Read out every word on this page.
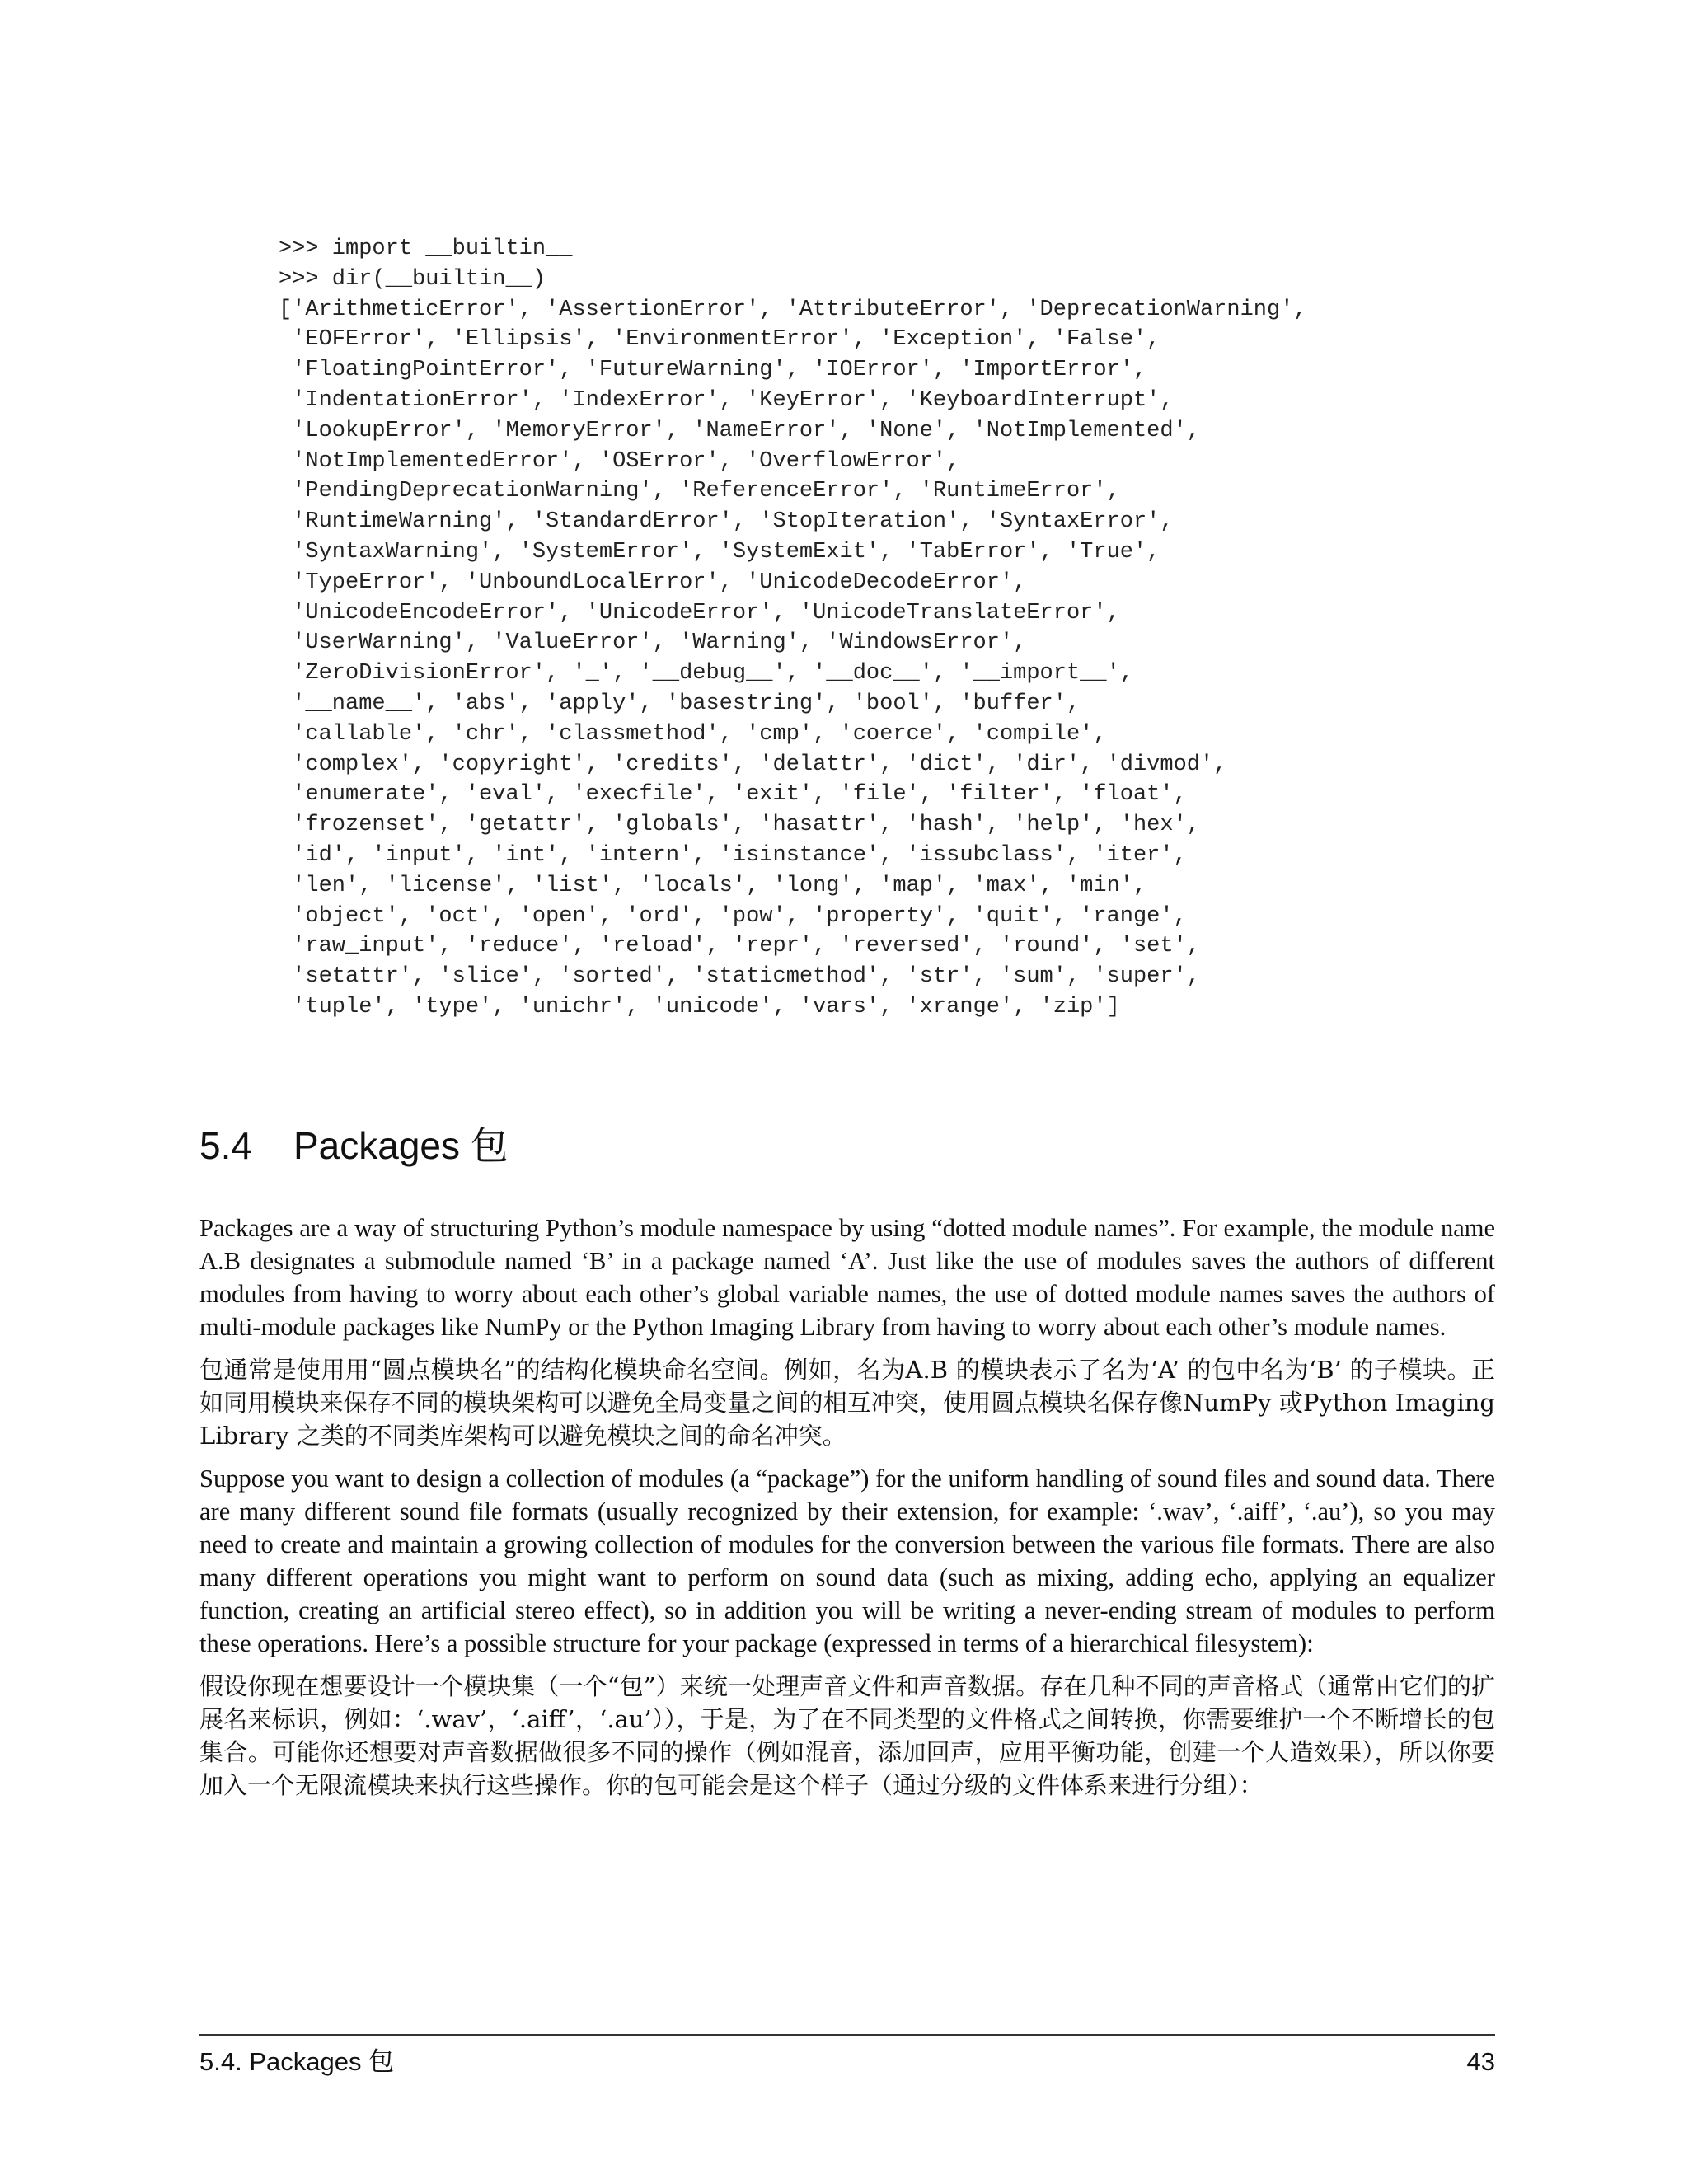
>>> import __builtin__
>>> dir(__builtin__)
['ArithmeticError', 'AssertionError', 'AttributeError', 'DeprecationWarning',
'EOFError', 'Ellipsis', 'EnvironmentError', 'Exception', 'False',
'FloatingPointError', 'FutureWarning', 'IOError', 'ImportError',
'IndentationError', 'IndexError', 'KeyError', 'KeyboardInterrupt',
'LookupError', 'MemoryError', 'NameError', 'None', 'NotImplemented',
'NotImplementedError', 'OSError', 'OverflowError',
'PendingDeprecationWarning', 'ReferenceError', 'RuntimeError',
'RuntimeWarning', 'StandardError', 'StopIteration', 'SyntaxError',
'SyntaxWarning', 'SystemError', 'SystemExit', 'TabError', 'True',
'TypeError', 'UnboundLocalError', 'UnicodeDecodeError',
'UnicodeEncodeError', 'UnicodeError', 'UnicodeTranslateError',
'UserWarning', 'ValueError', 'Warning', 'WindowsError',
'ZeroDivisionError', '_', '__debug__', '__doc__', '__import__',
'__name__', 'abs', 'apply', 'basestring', 'bool', 'buffer',
'callable', 'chr', 'classmethod', 'cmp', 'coerce', 'compile',
'complex', 'copyright', 'credits', 'delattr', 'dict', 'dir', 'divmod',
'enumerate', 'eval', 'execfile', 'exit', 'file', 'filter', 'float',
'frozenset', 'getattr', 'globals', 'hasattr', 'hash', 'help', 'hex',
'id', 'input', 'int', 'intern', 'isinstance', 'issubclass', 'iter',
'len', 'license', 'list', 'locals', 'long', 'map', 'max', 'min',
'object', 'oct', 'open', 'ord', 'pow', 'property', 'quit', 'range',
'raw_input', 'reduce', 'reload', 'repr', 'reversed', 'round', 'set',
'setattr', 'slice', 'sorted', 'staticmethod', 'str', 'sum', 'super',
'tuple', 'type', 'unichr', 'unicode', 'vars', 'xrange', 'zip']
5.4 Packages 包

Packages are a way of structuring Python’s module namespace by using “dotted module names”. For example, the module name A.B designates a submodule named ‘B’ in a package named ‘A’. Just like the use of modules saves the authors of different modules from having to worry about each other’s global variable names, the use of dotted module names saves the authors of multi-module packages like NumPy or the Python Imaging Library from having to worry about each other’s module names.

包通常是使用用“圆点模块名”的结构化模块命名空间。例如，名为A.B 的模块表示了名为‘A’ 的包中名为‘B’ 的子模块。正如同用模块来保存不同的模块架构可以避免全局变量之间的相互冲突，使用圆点模块名保存像NumPy 或Python Imaging Library 之类的不同类库架构可以避免模块之间的命名冲突。

Suppose you want to design a collection of modules (a “package”) for the uniform handling of sound files and sound data. There are many different sound file formats (usually recognized by their extension, for example: ‘.wav’, ‘.aiff’, ‘.au’), so you may need to create and maintain a growing collection of modules for the conversion between the various file formats. There are also many different operations you might want to perform on sound data (such as mixing, adding echo, applying an equalizer function, creating an artificial stereo effect), so in addition you will be writing a never-ending stream of modules to perform these operations. Here’s a possible structure for your package (expressed in terms of a hierarchical filesystem):

假设你现在想要设计一个模块集（一个“包”）来统一处理声音文件和声音数据。存在几种不同的声音格式（通常由它们的扩展名来标识，例如：‘.wav’，‘.aiff’，‘.au’）），于是，为了在不同类型的文件格式之间转换，你需要维护一个不断增长的包集合。可能你还想要对声音数据做很多不同的操作（例如混音，添加回声，应用平衡功能，创建一个人造效果），所以你要加入一个无限流模块来执行这些操作。你的包可能会是这个样子（通过分级的文件体系来进行分组）：

5.4. Packages 包	43
